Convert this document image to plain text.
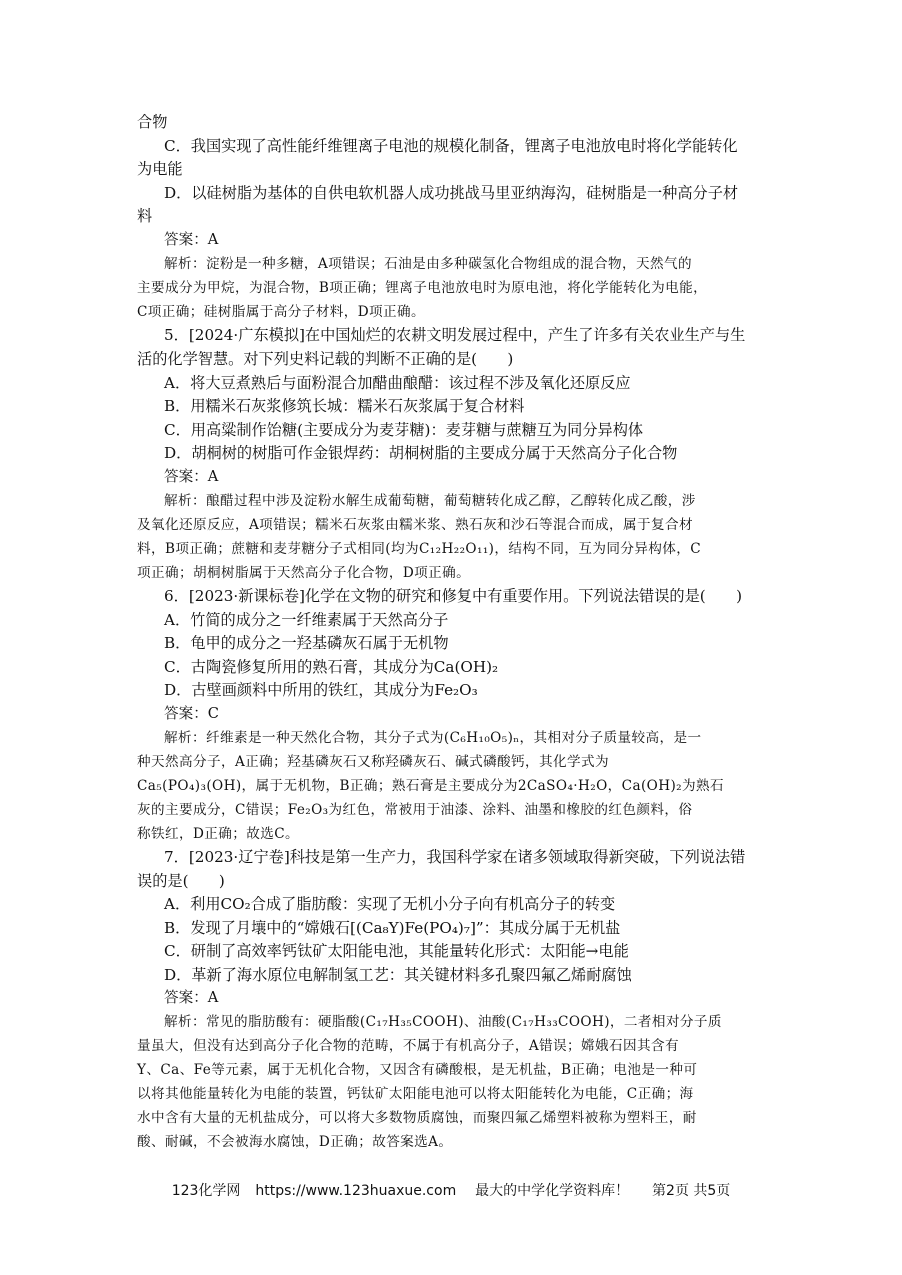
合物
C．我国实现了高性能纤维锂离子电池的规模化制备，锂离子电池放电时将化学能转化
为电能
D．以硅树脂为基体的自供电软机器人成功挑战马里亚纳海沟，硅树脂是一种高分子材
料
答案：A
解析：淀粉是一种多糖，A项错误；石油是由多种碳氢化合物组成的混合物，天然气的
主要成分为甲烷，为混合物，B项正确；锂离子电池放电时为原电池，将化学能转化为电能，
C项正确；硅树脂属于高分子材料，D项正确。
5．[2024·广东模拟]在中国灿烂的农耕文明发展过程中，产生了许多有关农业生产与生
活的化学智慧。对下列史料记载的判断不正确的是(　　)
A．将大豆煮熟后与面粉混合加醋曲酿醋：该过程不涉及氧化还原反应
B．用糯米石灰浆修筑长城：糯米石灰浆属于复合材料
C．用高粱制作饴糖(主要成分为麦芽糖)：麦芽糖与蔗糖互为同分异构体
D．胡桐树的树脂可作金银焊药：胡桐树脂的主要成分属于天然高分子化合物
答案：A
解析：酿醋过程中涉及淀粉水解生成葡萄糖，葡萄糖转化成乙醇，乙醇转化成乙酸，涉
及氧化还原反应，A项错误；糯米石灰浆由糯米浆、熟石灰和沙石等混合而成，属于复合材
料，B项正确；蔗糖和麦芽糖分子式相同(均为C₁₂H₂₂O₁₁)，结构不同，互为同分异构体，C
项正确；胡桐树脂属于天然高分子化合物，D项正确。
6．[2023·新课标卷]化学在文物的研究和修复中有重要作用。下列说法错误的是(　　)
A．竹简的成分之一纤维素属于天然高分子
B．龟甲的成分之一羟基磷灰石属于无机物
C．古陶瓷修复所用的熟石膏，其成分为Ca(OH)₂
D．古壁画颜料中所用的铁红，其成分为Fe₂O₃
答案：C
解析：纤维素是一种天然化合物，其分子式为(C₆H₁₀O₅)ₙ，其相对分子质量较高，是一
种天然高分子，A正确；羟基磷灰石又称羟磷灰石、碱式磷酸钙，其化学式为
Ca₅(PO₄)₃(OH)，属于无机物，B正确；熟石膏是主要成分为2CaSO₄·H₂O，Ca(OH)₂为熟石
灰的主要成分，C错误；Fe₂O₃为红色，常被用于油漆、涂料、油墨和橡胶的红色颜料，俗
称铁红，D正确；故选C。
7．[2023·辽宁卷]科技是第一生产力，我国科学家在诸多领域取得新突破，下列说法错
误的是(　　)
A．利用CO₂合成了脂肪酸：实现了无机小分子向有机高分子的转变
B．发现了月壤中的“嫦娥石[(Ca₈Y)Fe(PO₄)₇]”：其成分属于无机盐
C．研制了高效率钙钛矿太阳能电池，其能量转化形式：太阳能→电能
D．革新了海水原位电解制氢工艺：其关键材料多孔聚四氟乙烯耐腐蚀
答案：A
解析：常见的脂肪酸有：硬脂酸(C₁₇H₃₅COOH)、油酸(C₁₇H₃₃COOH)，二者相对分子质
量虽大，但没有达到高分子化合物的范畴，不属于有机高分子，A错误；嫦娥石因其含有
Y、Ca、Fe等元素，属于无机化合物，又因含有磷酸根，是无机盐，B正确；电池是一种可
以将其他能量转化为电能的装置，钙钛矿太阳能电池可以将太阳能转化为电能，C正确；海
水中含有大量的无机盐成分，可以将大多数物质腐蚀，而聚四氟乙烯塑料被称为塑料王，耐
酸、耐碱，不会被海水腐蚀，D正确；故答案选A。
123化学网 https://www.123huaxue.com 最大的中学化学资料库！ 第2页 共5页
